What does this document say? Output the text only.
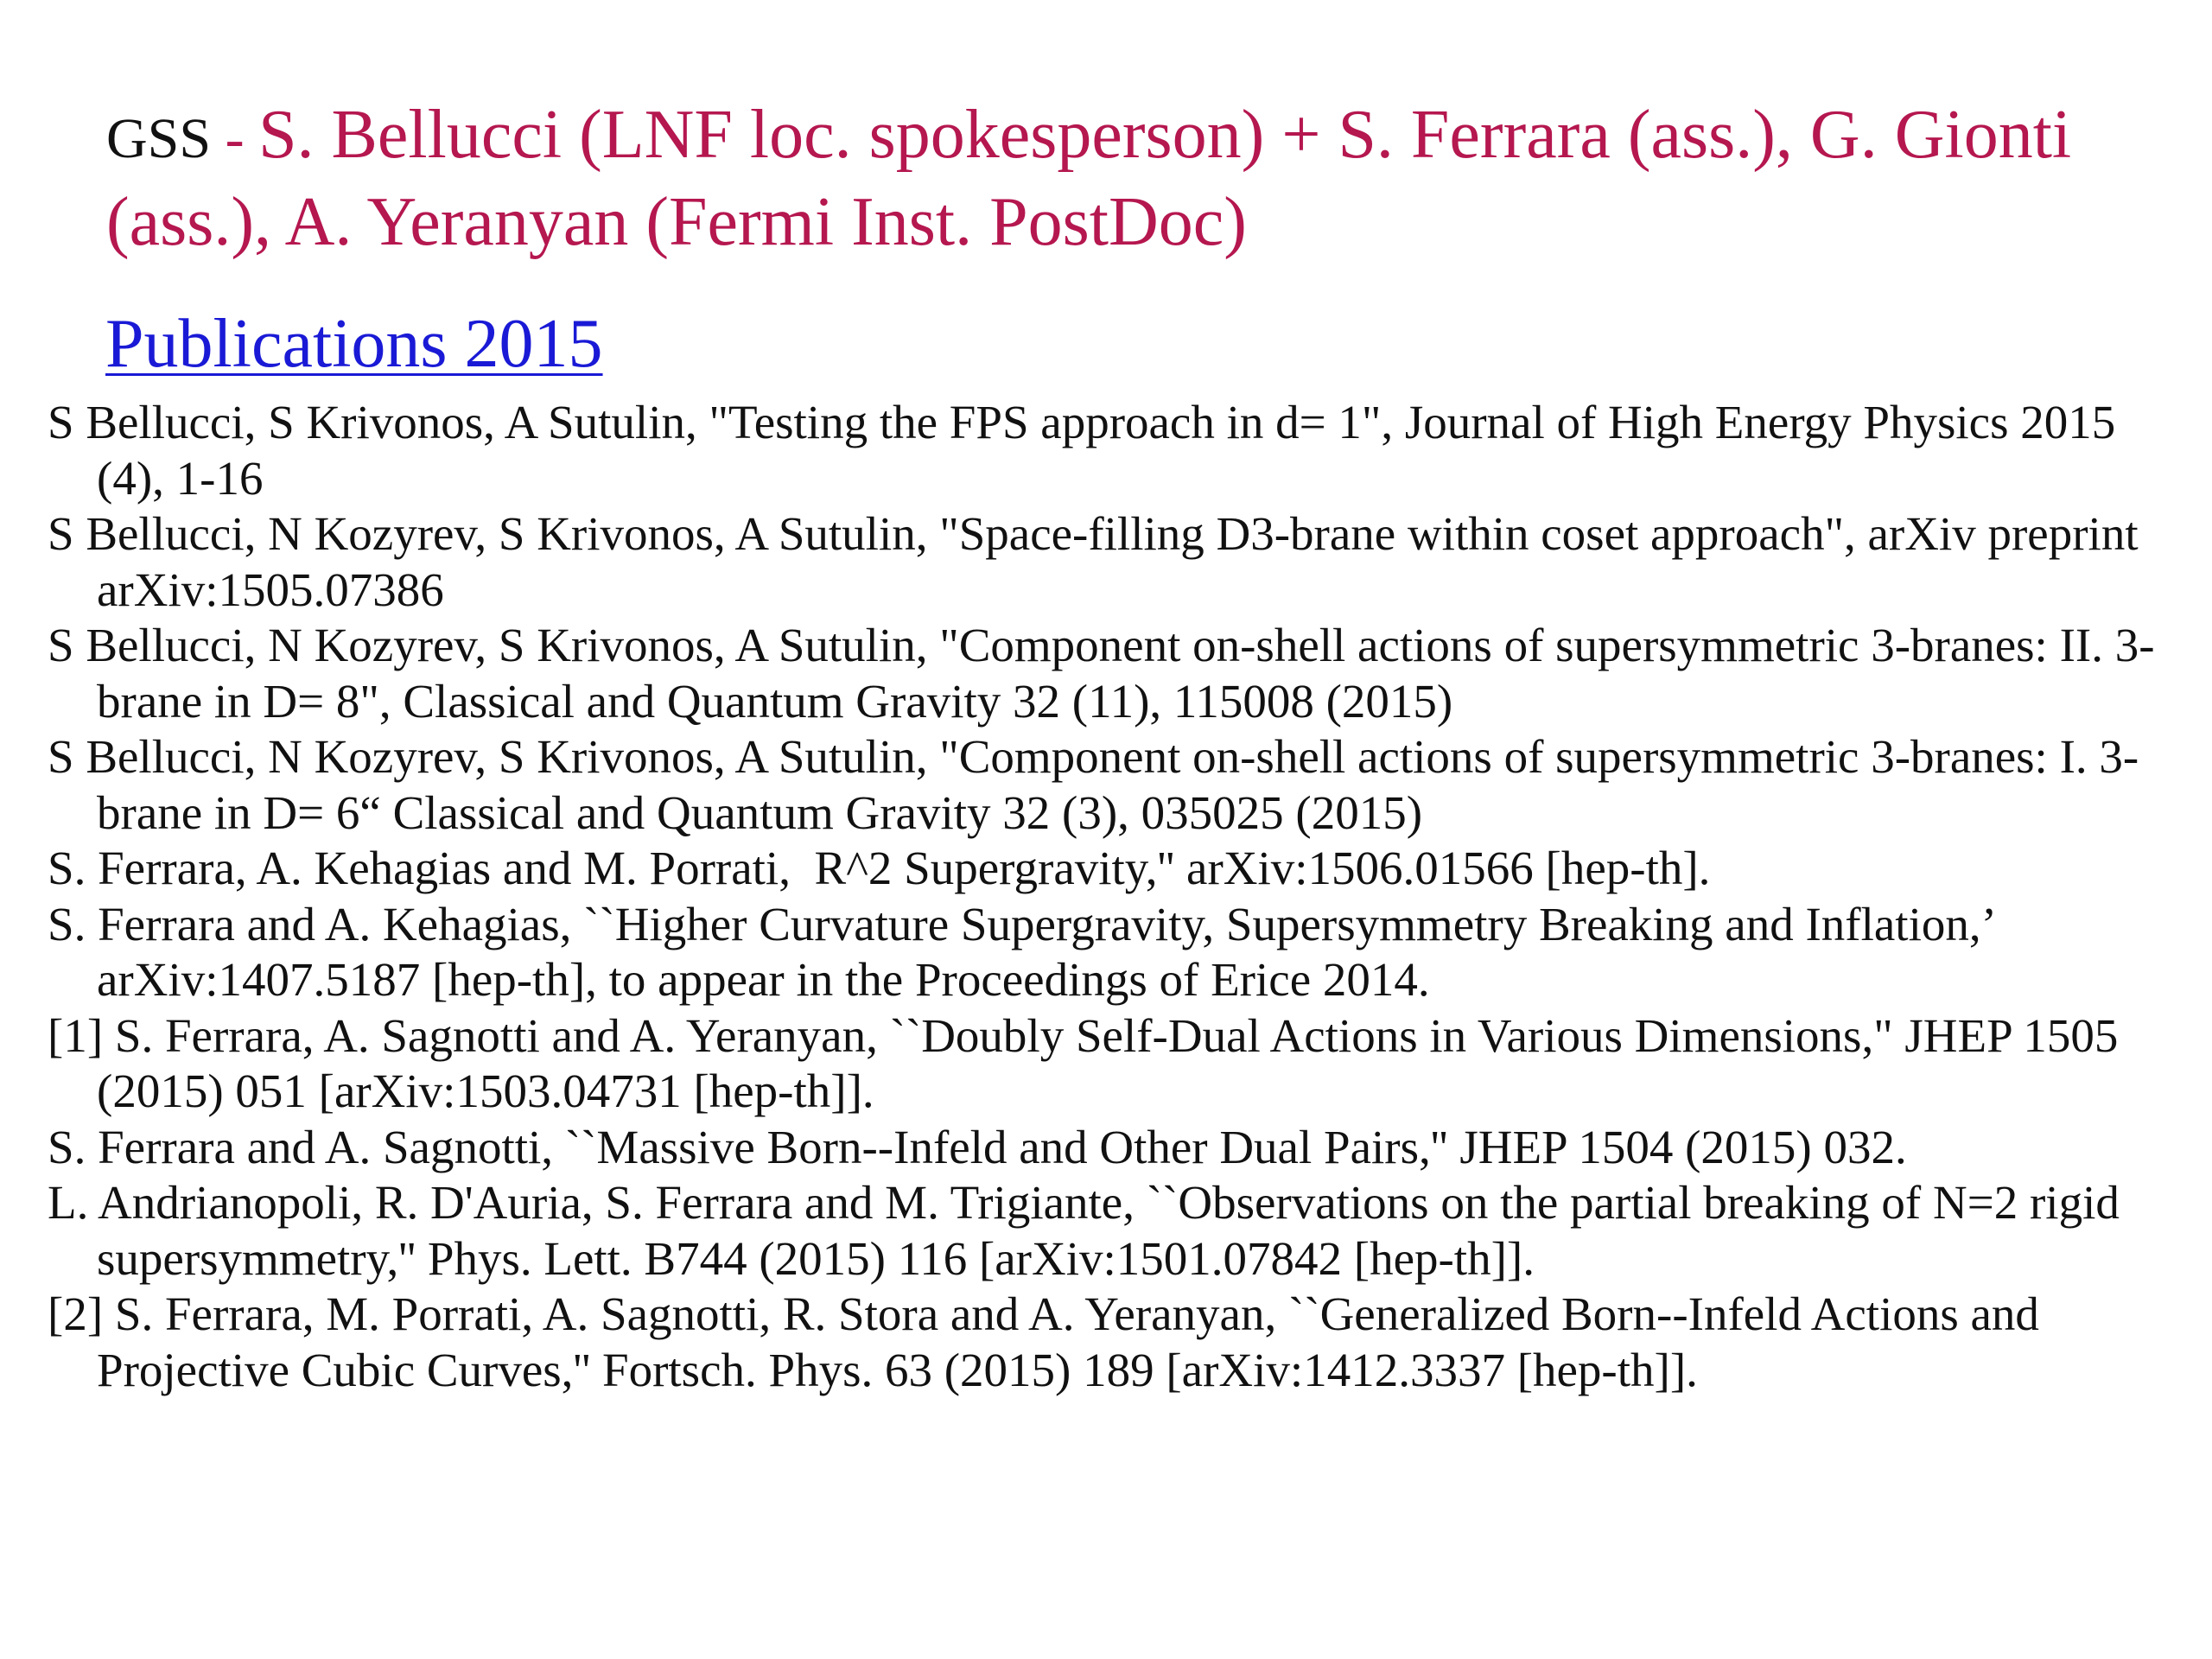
GSS - S. Bellucci (LNF loc. spokesperson) + S. Ferrara (ass.), G. Gionti (ass.), A. Yeranyan (Fermi Inst. PostDoc)
Publications 2015
S Bellucci, S Krivonos, A Sutulin, "Testing the FPS approach in d= 1", Journal of High Energy Physics 2015 (4), 1-16
S Bellucci, N Kozyrev, S Krivonos, A Sutulin, "Space-filling D3-brane within coset approach", arXiv preprint arXiv:1505.07386
S Bellucci, N Kozyrev, S Krivonos, A Sutulin, "Component on-shell actions of supersymmetric 3-branes: II. 3-brane in D= 8", Classical and Quantum Gravity 32 (11), 115008 (2015)
S Bellucci, N Kozyrev, S Krivonos, A Sutulin, "Component on-shell actions of supersymmetric 3-branes: I. 3-brane in D= 6“ Classical and Quantum Gravity 32 (3), 035025 (2015)
S. Ferrara, A. Kehagias and M. Porrati,  R^2 Supergravity,'' arXiv:1506.01566 [hep-th].
S. Ferrara and A. Kehagias, ``Higher Curvature Supergravity, Supersymmetry Breaking and Inflation,’ arXiv:1407.5187 [hep-th], to appear in the Proceedings of Erice 2014.
[1] S. Ferrara, A. Sagnotti and A. Yeranyan, ``Doubly Self-Dual Actions in Various Dimensions," JHEP 1505 (2015) 051 [arXiv:1503.04731 [hep-th]].
S. Ferrara and A. Sagnotti, ``Massive Born--Infeld and Other Dual Pairs,'' JHEP 1504 (2015) 032.
L. Andrianopoli, R. D'Auria, S. Ferrara and M. Trigiante, ``Observations on the partial breaking of N=2 rigid supersymmetry,'' Phys. Lett. B744 (2015) 116 [arXiv:1501.07842 [hep-th]].
[2] S. Ferrara, M. Porrati, A. Sagnotti, R. Stora and A. Yeranyan, ``Generalized Born--Infeld Actions and Projective Cubic Curves,'' Fortsch. Phys. 63 (2015) 189 [arXiv:1412.3337 [hep-th]].
